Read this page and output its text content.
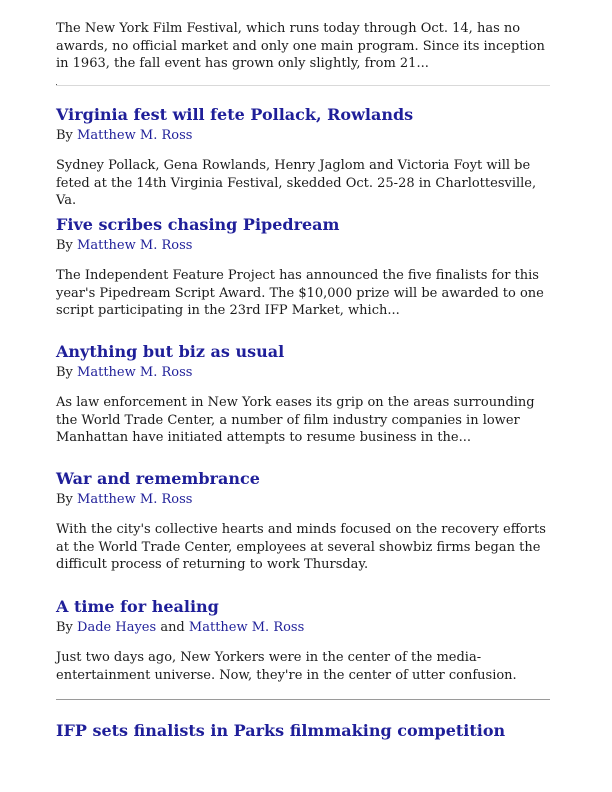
The New York Film Festival, which runs today through Oct. 14, has no awards, no official market and only one main program. Since its inception in 1963, the fall event has grown only slightly, from 21...

Virginia fest will fete Pollack, Rowlands

By Matthew M. Ross

Sydney Pollack, Gena Rowlands, Henry Jaglom and Victoria Foyt will be feted at the 14th Virginia Festival, skedded Oct. 25-28 in Charlottesville, Va.

Five scribes chasing Pipedream

By Matthew M. Ross

The Independent Feature Project has announced the five finalists for this year's Pipedream Script Award. The $10,000 prize will be awarded to one script participating in the 23rd IFP Market, which...

Anything but biz as usual

By Matthew M. Ross

As law enforcement in New York eases its grip on the areas surrounding the World Trade Center, a number of film industry companies in lower Manhattan have initiated attempts to resume business in the...

War and remembrance

By Matthew M. Ross

With the city's collective hearts and minds focused on the recovery efforts at the World Trade Center, employees at several showbiz firms began the difficult process of returning to work Thursday.

A time for healing

By Dade Hayes and Matthew M. Ross

Just two days ago, New Yorkers were in the center of the media-entertainment universe. Now, they're in the center of utter confusion.

IFP sets finalists in Parks filmmaking competition
